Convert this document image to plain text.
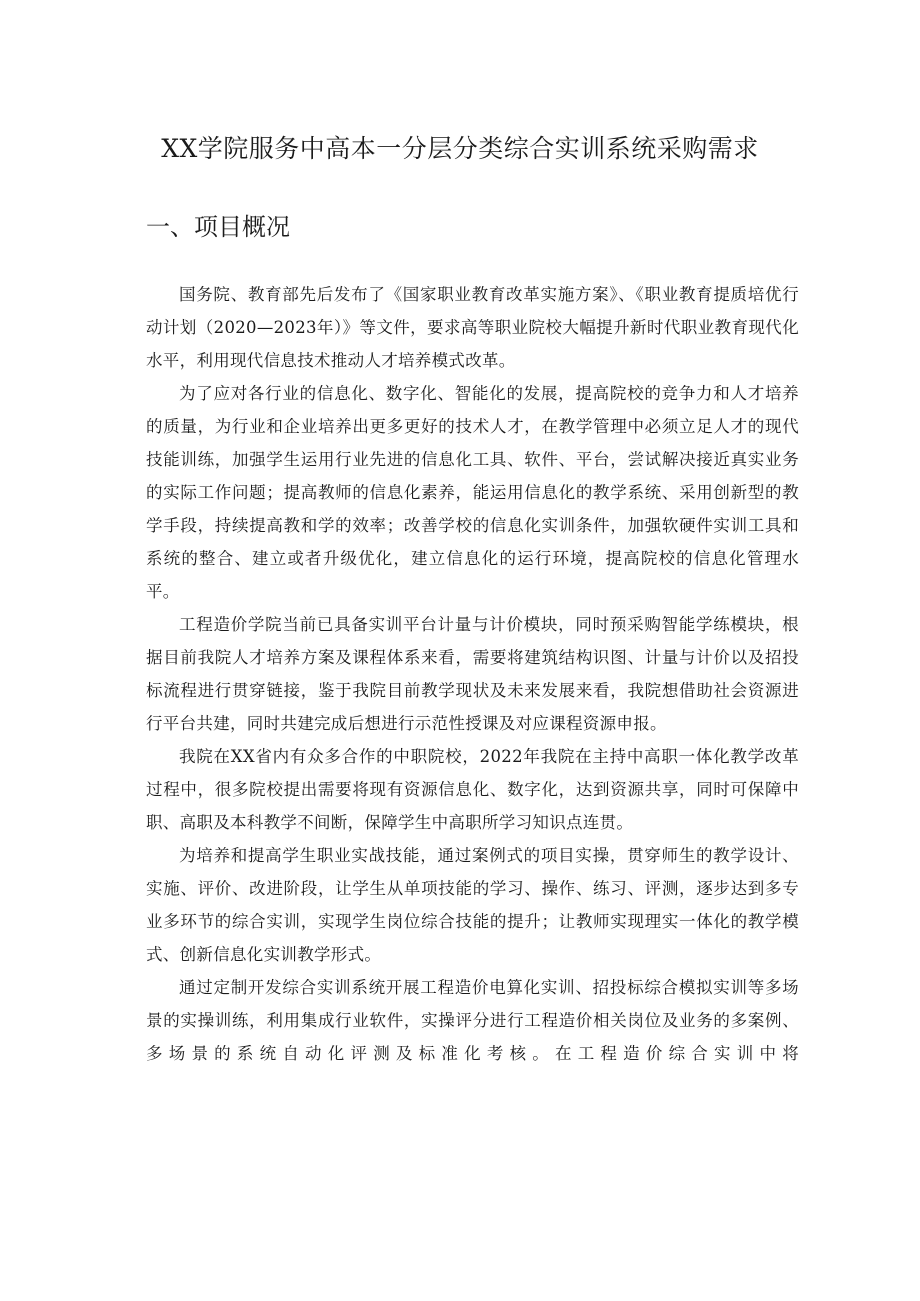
XX学院服务中高本一分层分类综合实训系统采购需求
一、项目概况

国务院、教育部先后发布了《国家职业教育改革实施方案》、《职业教育提质培优行动计划（2020—2023年）》等文件，要求高等职业院校大幅提升新时代职业教育现代化水平，利用现代信息技术推动人才培养模式改革。

为了应对各行业的信息化、数字化、智能化的发展，提高院校的竞争力和人才培养的质量，为行业和企业培养出更多更好的技术人才，在教学管理中必须立足人才的现代技能训练，加强学生运用行业先进的信息化工具、软件、平台，尝试解决接近真实业务的实际工作问题；提高教师的信息化素养，能运用信息化的教学系统、采用创新型的教学手段，持续提高教和学的效率；改善学校的信息化实训条件，加强软硬件实训工具和系统的整合、建立或者升级优化，建立信息化的运行环境，提高院校的信息化管理水平。

工程造价学院当前已具备实训平台计量与计价模块，同时预采购智能学练模块，根据目前我院人才培养方案及课程体系来看，需要将建筑结构识图、计量与计价以及招投标流程进行贯穿链接，鉴于我院目前教学现状及未来发展来看，我院想借助社会资源进行平台共建，同时共建完成后想进行示范性授课及对应课程资源申报。

我院在XX省内有众多合作的中职院校，2022年我院在主持中高职一体化教学改革过程中，很多院校提出需要将现有资源信息化、数字化，达到资源共享，同时可保障中职、高职及本科教学不间断，保障学生中高职所学习知识点连贯。

为培养和提高学生职业实战技能，通过案例式的项目实操，贯穿师生的教学设计、实施、评价、改进阶段，让学生从单项技能的学习、操作、练习、评测，逐步达到多专业多环节的综合实训，实现学生岗位综合技能的提升；让教师实现理实一体化的教学模式、创新信息化实训教学形式。

通过定制开发综合实训系统开展工程造价电算化实训、招投标综合模拟实训等多场景的实操训练，利用集成行业软件，实操评分进行工程造价相关岗位及业务的多案例、多场景的系统自动化评测及标准化考核。在工程造价综合实训中将
